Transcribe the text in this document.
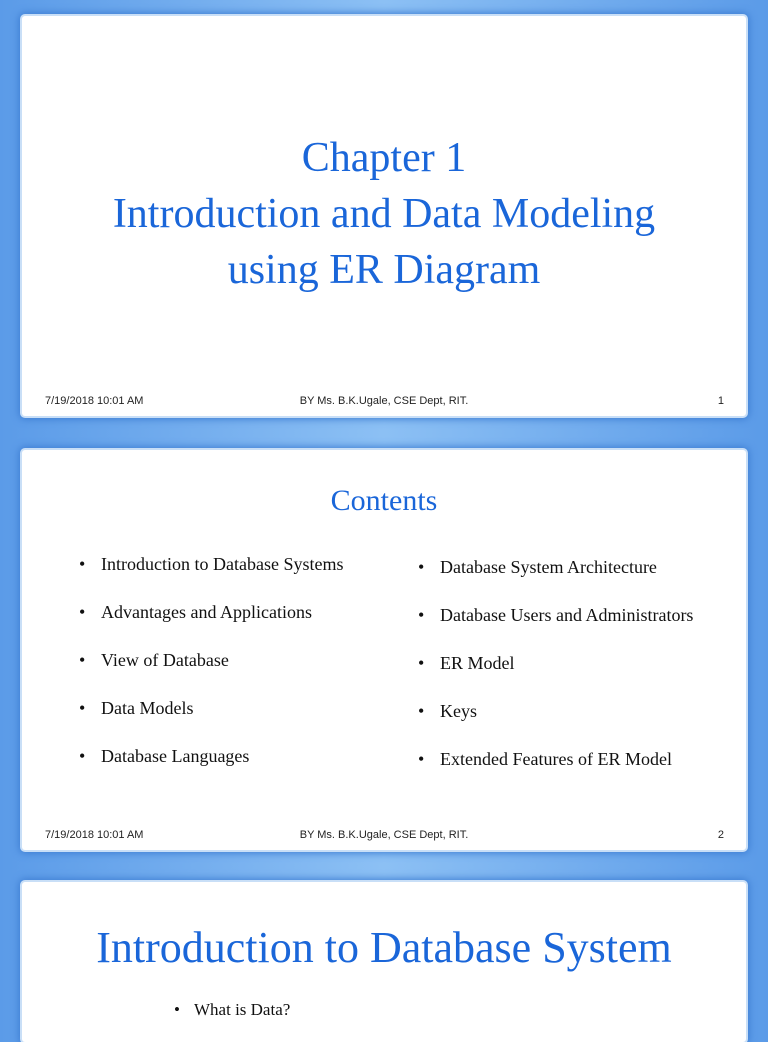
Chapter 1
Introduction and Data Modeling
using ER Diagram
7/19/2018 10:01 AM	BY Ms. B.K.Ugale, CSE Dept, RIT.	1
Contents
• Introduction to Database Systems
• Advantages and Applications
• View of Database
• Data Models
• Database Languages
• Database System Architecture
• Database Users and Administrators
• ER Model
• Keys
• Extended Features of ER Model
7/19/2018 10:01 AM	BY Ms. B.K.Ugale, CSE Dept, RIT.	2
Introduction to Database System
• What is Data?
